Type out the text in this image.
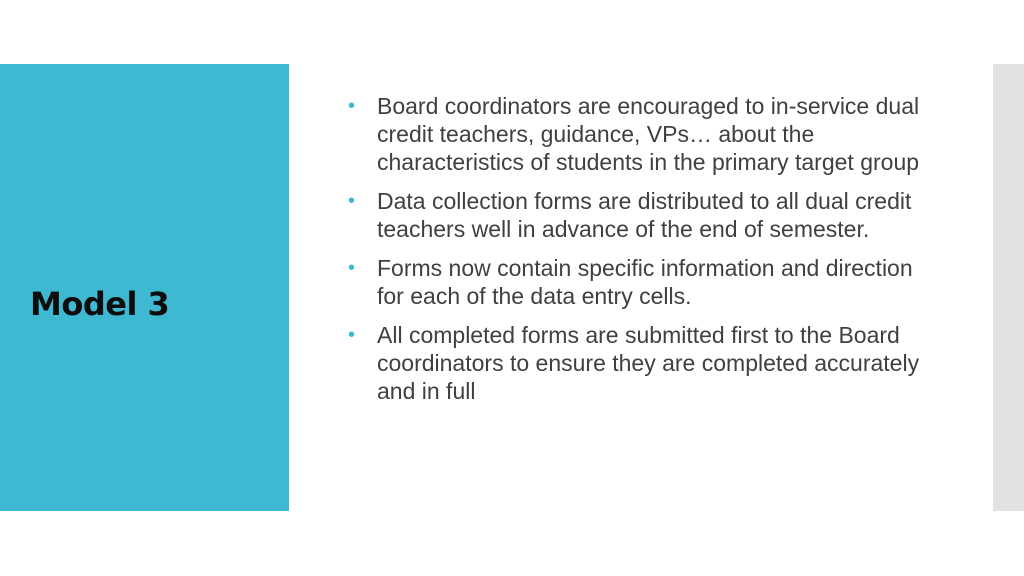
Model 3
• Board coordinators are encouraged to in-service dual credit teachers, guidance, VPs… about the characteristics of students in the primary target group
• Data collection forms are distributed to all dual credit teachers well in advance of the end of semester.
• Forms now contain specific information and direction for each of the data entry cells.
• All completed forms are submitted first to the Board coordinators to ensure they are completed accurately and in full
